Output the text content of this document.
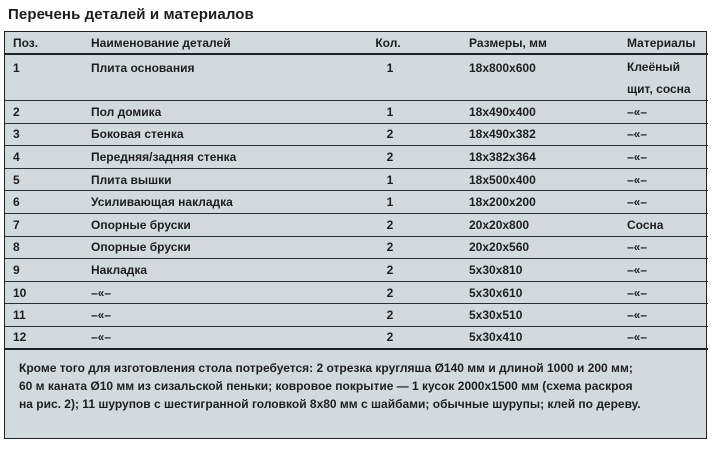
Перечень деталей и материалов
Поз.	Наименование деталей	Кол.	Размеры, мм	Материалы
1	Плита основания	1	18x800x600	Клеёный щит, сосна
2	Пол домика	1	18x490x400	–«–
3	Боковая стенка	2	18x490x382	–«–
4	Передняя/задняя стенка	2	18x382x364	–«–
5	Плита вышки	1	18x500x400	–«–
6	Усиливающая накладка	1	18x200x200	–«–
7	Опорные бруски	2	20x20x800	Сосна
8	Опорные бруски	2	20x20x560	–«–
9	Накладка	2	5x30x810	–«–
10	–«–	2	5x30x610	–«–
11	–«–	2	5x30x510	–«–
12	–«–	2	5x30x410	–«–
Кроме того для изготовления стола потребуется: 2 отрезка кругляша Ø140 мм и длиной 1000 и 200 мм;
60 м каната Ø10 мм из сизальской пеньки; ковровое покрытие — 1 кусок 2000x1500 мм (схема раскроя
на рис. 2); 11 шурупов с шестигранной головкой 8x80 мм с шайбами; обычные шурупы; клей по дереву.
